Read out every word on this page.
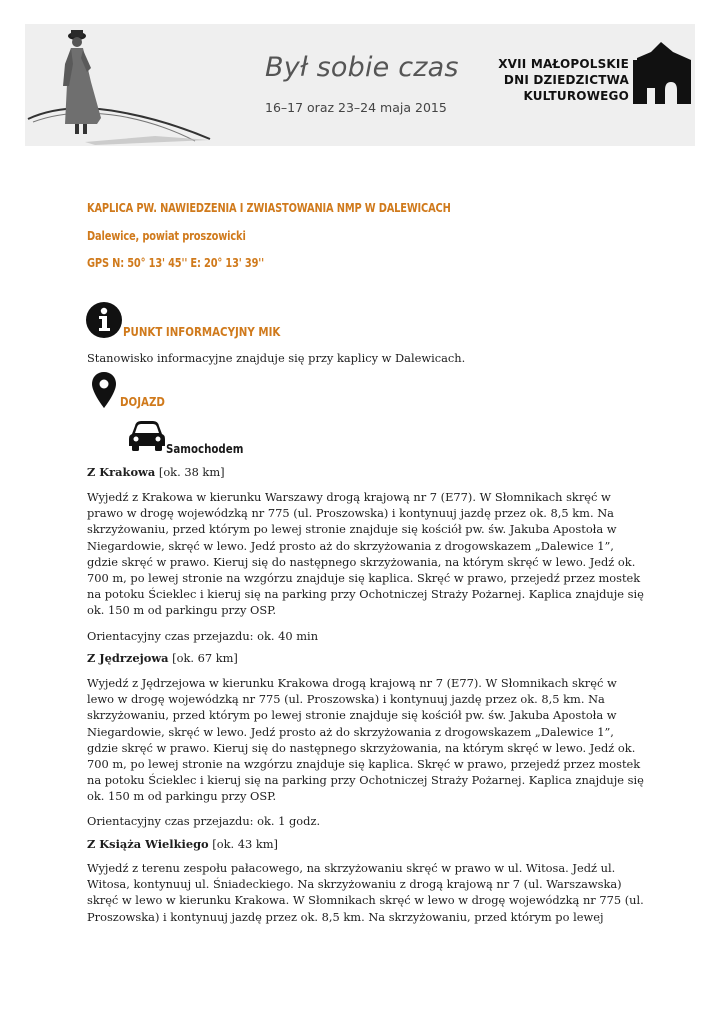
Był sobie czas
16–17 oraz 23–24 maja 2015
XVII MAŁOPOLSKIE
DNI DZIEDZICTWA
KULTUROWEGO
KAPLICA PW. NAWIEDZENIA I ZWIASTOWANIA NMP W DALEWICACH
Dalewice, powiat proszowicki
GPS N: 50° 13' 45'' E: 20° 13' 39''
PUNKT INFORMACYJNY MIK
Stanowisko informacyjne znajduje się przy kaplicy w Dalewicach.
DOJAZD
Samochodem
Z Krakowa [ok. 38 km]
Wyjedź z Krakowa w kierunku Warszawy drogą krajową nr 7 (E77). W Słomnikach skręć w prawo w drogę wojewódzką nr 775 (ul. Proszowska) i kontynuuj jazdę przez ok. 8,5 km. Na skrzyżowaniu, przed którym po lewej stronie znajduje się kościół pw. św. Jakuba Apostoła w Niegardowie, skręć w lewo. Jedź prosto aż do skrzyżowania z drogowskazem „Dalewice 1”, gdzie skręć w prawo. Kieruj się do następnego skrzyżowania, na którym skręć w lewo. Jedź ok. 700 m, po lewej stronie na wzgórzu znajduje się kaplica. Skręć w prawo, przejedź przez mostek na potoku Ścieklec i kieruj się na parking przy Ochotniczej Straży Pożarnej. Kaplica znajduje się ok. 150 m od parkingu przy OSP.
Orientacyjny czas przejazdu: ok. 40 min
Z Jędrzejowa [ok. 67 km]
Wyjedź z Jędrzejowa w kierunku Krakowa drogą krajową nr 7 (E77). W Słomnikach skręć w lewo w drogę wojewódzką nr 775 (ul. Proszowska) i kontynuuj jazdę przez ok. 8,5 km. Na skrzyżowaniu, przed którym po lewej stronie znajduje się kościół pw. św. Jakuba Apostoła w Niegardowie, skręć w lewo. Jedź prosto aż do skrzyżowania z drogowskazem „Dalewice 1”, gdzie skręć w prawo. Kieruj się do następnego skrzyżowania, na którym skręć w lewo. Jedź ok. 700 m, po lewej stronie na wzgórzu znajduje się kaplica. Skręć w prawo, przejedź przez mostek na potoku Ścieklec i kieruj się na parking przy Ochotniczej Straży Pożarnej. Kaplica znajduje się ok. 150 m od parkingu przy OSP.
Orientacyjny czas przejazdu: ok. 1 godz.
Z Książa Wielkiego [ok. 43 km]
Wyjedź z terenu zespołu pałacowego, na skrzyżowaniu skręć w prawo w ul. Witosa. Jedź ul. Witosa, kontynuuj ul. Śniadeckiego. Na skrzyżowaniu z drogą krajową nr 7 (ul. Warszawska) skręć w lewo w kierunku Krakowa. W Słomnikach skręć w lewo w drogę wojewódzką nr 775 (ul. Proszowska) i kontynuuj jazdę przez ok. 8,5 km. Na skrzyżowaniu, przed którym po lewej
